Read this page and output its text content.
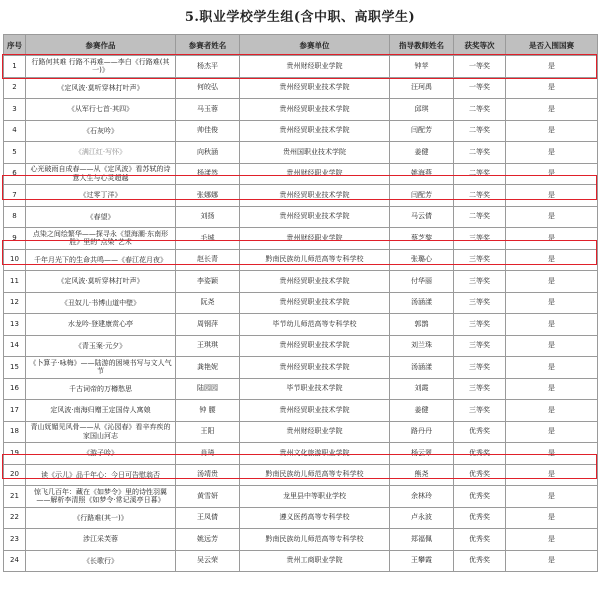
5.职业学校学生组(含中职、高职学生)
序号	参赛作品	参赛者姓名	参赛单位	指导教师姓名	获奖等次	是否入围国赛
1	行路何其难 行路不再难——李白《行路难(其一)》	杨杰平	贵州财经职业学院	钟苹	一等奖	是
2	《定风波·莫听穿林打叶声》	何皎弘	贵州经贸职业技术学院	汪珂禹	一等奖	是
3	《从军行七首·其四》	马玉蓉	贵州经贸职业技术学院	邱琪	二等奖	是
4	《石灰吟》	帅佳俊	贵州经贸职业技术学院	闫配芳	二等奖	是
5	《满江红·写怀》	向秋涵	贵州国职业技术学院	姜健	二等奖	是
6	心光破雨自成春——从《定风波》看苏轼的诗意人生与心灵超越	杨漾然	贵州财经职业学院	姚海燕	二等奖	是
7	《过零丁洋》	张娜娜	贵州经贸职业技术学院	闫配芳	二等奖	是
8	《春望》	刘扬	贵州经贸职业技术学院	马云倩	二等奖	是
9	点染之间绘繁华——探寻永《望海潮·东南形胜》里的"点染"艺术	毛城	贵州财经职业学院	蔡芝黎	三等奖	是
10	千年月光下的生命共鸣——《春江花月夜》	赵长青	黔南民族幼儿师范高等专科学校	张璐心	三等奖	是
11	《定风波·莫听穿林打叶声》	李姿颖	贵州经贸职业技术学院	付华丽	三等奖	是
12	《丑奴儿·书博山道中壁》	阮尧	贵州经贸职业技术学院	汤涵漾	三等奖	是
13	水龙吟·登建康赏心亭	周钢萍	毕节幼儿师范高等专科学校	郭鹊	三等奖	是
14	《青玉案·元夕》	王琪琪	贵州经贸职业技术学院	刘兰珠	三等奖	是
15	《卜算子·咏梅》——陆游的困境书写与文人气节	龚艳妮	贵州经贸职业技术学院	汤涵漾	三等奖	是
16	千古词帝的万樽愁思	陆园园	毕节职业技术学院	刘霞	三等奖	是
17	定风波·南海归赠王定国侍人寓娘	钟 腰	贵州经贸职业技术学院	姜健	三等奖	是
18	青山妩媚见风骨——从《沁园春》看辛弃疾的家国山河志	王阳	贵州财经职业学院	路丹丹	优秀奖	是
19	《游子吟》	肖琦	贵州文化旅游职业学院	杨云翠	优秀奖	是
20	读《示儿》品千年心：今日可告慰翁否	汤靖贵	黔南民族幼儿师范高等专科学校	熊尧	优秀奖	是
21	惊飞几百年：藏在《如梦令》里的诗性羽翼——解析李清照《如梦令·常记溪亭日暮》	黄雪妍	龙里县中等职业学校	余林玲	优秀奖	是
22	《行路难(其一)》	王凤倩	遵义医药高等专科学校	卢永波	优秀奖	是
23	涉江采芙蓉	姚远芳	黔南民族幼儿师范高等专科学校	郑福佩	优秀奖	是
24	《长歌行》	吴云荣	贵州工商职业学院	王攀霞	优秀奖	是
